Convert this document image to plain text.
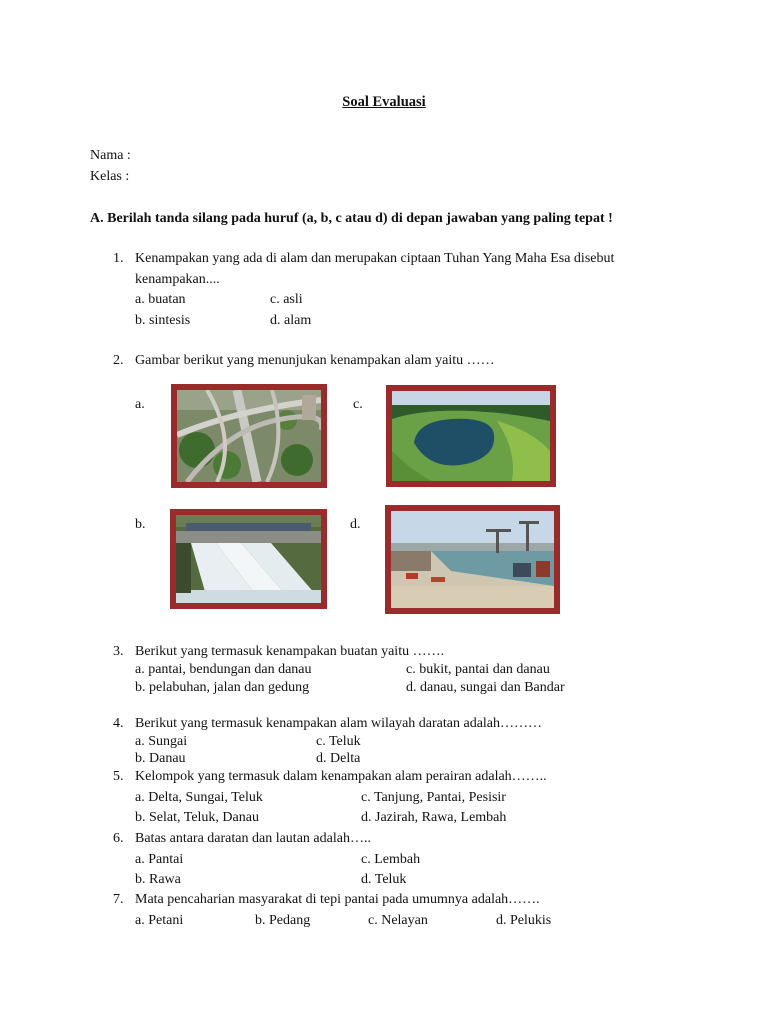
Soal Evaluasi
Nama :
Kelas :
A. Berilah tanda silang pada huruf (a, b, c atau d) di depan jawaban yang paling tepat !
1. Kenampakan yang ada di alam dan merupakan ciptaan Tuhan Yang Maha Esa disebut
kenampakan....
a. buatan	c. asli
b. sintesis	d. alam
2. Gambar berikut yang menunjukan kenampakan alam yaitu ……
a.	c.
b.	d.
3. Berikut yang termasuk kenampakan buatan yaitu …….
a. pantai, bendungan dan danau	c. bukit, pantai dan danau
b. pelabuhan, jalan dan gedung	d. danau, sungai dan Bandar
4. Berikut yang termasuk kenampakan alam wilayah daratan adalah………
a. Sungai	c. Teluk
b. Danau	d. Delta
5. Kelompok yang termasuk dalam kenampakan alam perairan adalah……..
a. Delta, Sungai, Teluk	c. Tanjung, Pantai, Pesisir
b. Selat, Teluk, Danau	d. Jazirah, Rawa, Lembah
6. Batas antara daratan dan lautan adalah…..
a. Pantai	c. Lembah
b. Rawa	d. Teluk
7. Mata pencaharian masyarakat di tepi pantai pada umumnya adalah…….
a. Petani	b. Pedang	c. Nelayan	d. Pelukis
